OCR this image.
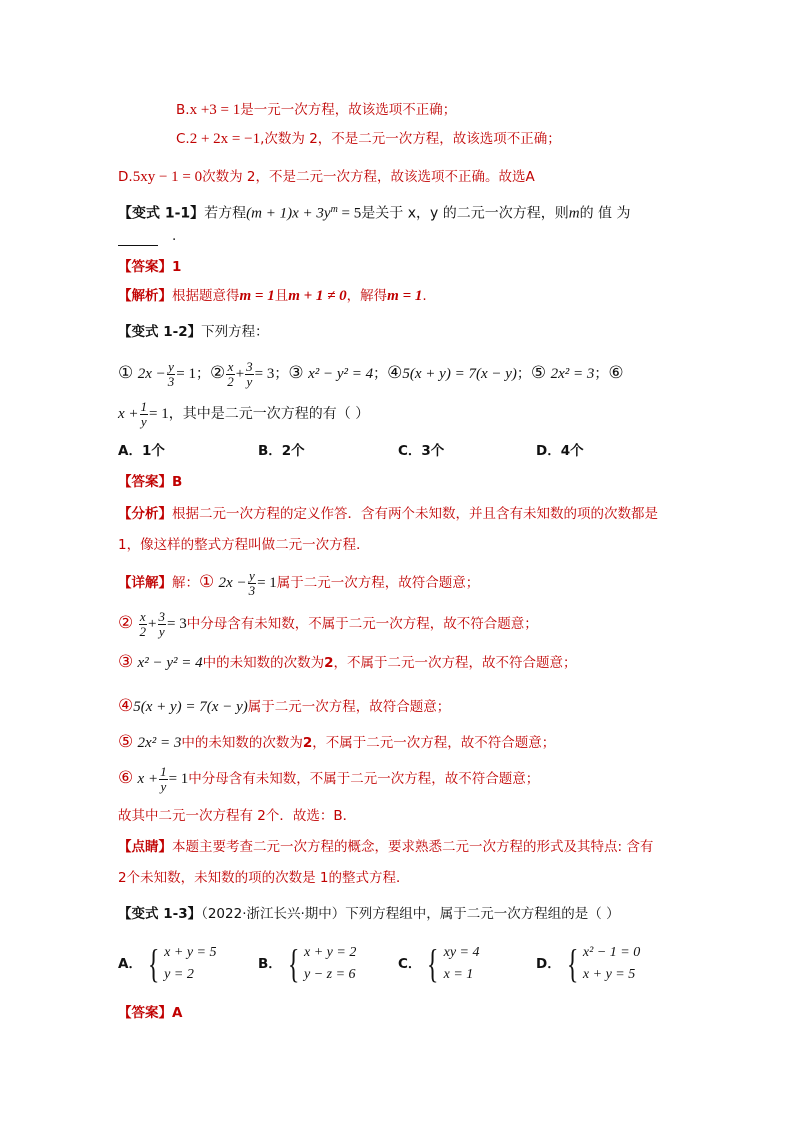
B.x +3 = 1是一元一次方程，故该选项不正确；
C.2 + 2x = −1,次数为 2，不是二元一次方程，故该选项不正确；
D.5xy − 1 = 0次数为 2，不是二元一次方程，故该选项不正确。故选A
【变式 1-1】若方程$(m + 1)x + 3y^m = 5$是关于 x，y 的二元一次方程，则m的 值 为
.
【答案】1
【解析】根据题意得m = 1且m + 1 ≠ 0，解得m = 1.
【变式 1-2】下列方程：
① $2x - \frac{y}{3} = 1$；② $\frac{x}{2} + \frac{3}{y} = 3$；③ x² − y² = 4；④5(x + y) = 7(x − y)；⑤ 2x² = 3；⑥
$x + \frac{1}{y} = 1$，其中是二元一次方程的有（ ）
A．1个	B．2个	C．3个	D．4个
【答案】B
【分析】根据二元一次方程的定义作答．含有两个未知数，并且含有未知数的项的次数都是
1，像这样的整式方程叫做二元一次方程．
【详解】解：① $2x - \frac{y}{3} = 1$属于二元一次方程，故符合题意；
② $\frac{x}{2} + \frac{3}{y} = 3$中分母含有未知数，不属于二元一次方程，故不符合题意；
③ x² − y² = 4中的未知数的次数为2，不属于二元一次方程，故不符合题意；
④5(x + y) = 7(x − y)属于二元一次方程，故符合题意；
⑤ 2x² = 3中的未知数的次数为2，不属于二元一次方程，故不符合题意；
⑥ $x + \frac{1}{y} = 1$中分母含有未知数，不属于二元一次方程，故不符合题意；
故其中二元一次方程有 2个．故选：B．
【点睛】本题主要考查二元一次方程的概念，要求熟悉二元一次方程的形式及其特点: 含有
2个未知数，未知数的项的次数是 1的整式方程．
【变式 1-3】（2022·浙江长兴·期中）下列方程组中，属于二元一次方程组的是（ ）
A． { x + y = 5
y = 2
B． { x + y = 2
y − z = 6
C． { xy = 4
x = 1
D． { x² − 1 = 0
x + y = 5
【答案】A
